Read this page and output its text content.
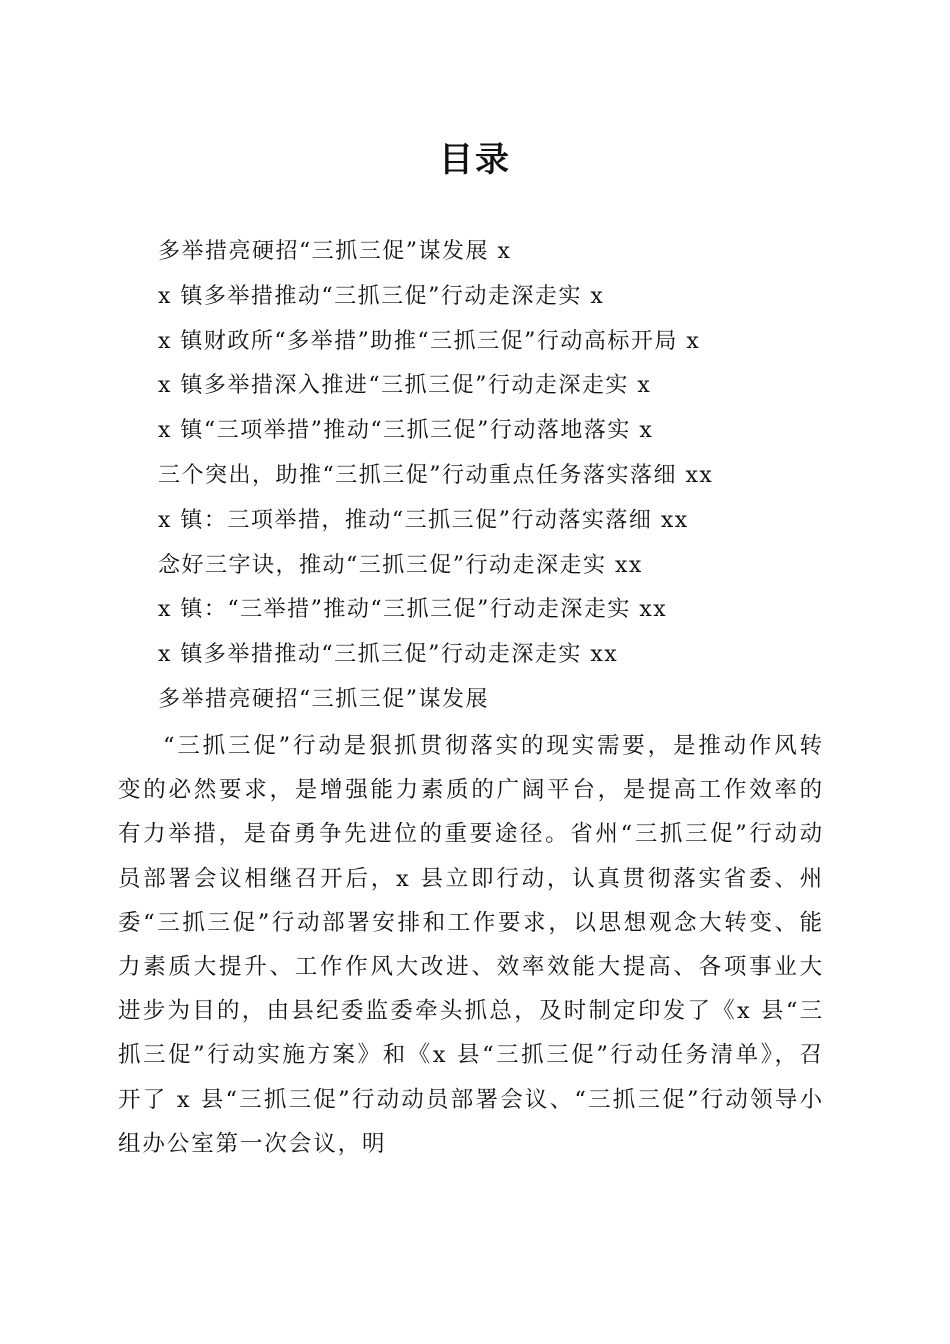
目录
多举措亮硬招“三抓三促”谋发展 x
x 镇多举措推动“三抓三促”行动走深走实 x
x 镇财政所“多举措”助推“三抓三促”行动高标开局 x
x 镇多举措深入推进“三抓三促”行动走深走实 x
x 镇“三项举措”推动“三抓三促”行动落地落实 x
三个突出，助推“三抓三促”行动重点任务落实落细 xx
x 镇：三项举措，推动“三抓三促”行动落实落细 xx
念好三字诀，推动“三抓三促”行动走深走实 xx
x 镇：“三举措”推动“三抓三促”行动走深走实 xx
x 镇多举措推动“三抓三促”行动走深走实 xx
多举措亮硬招“三抓三促”谋发展

“三抓三促”行动是狠抓贯彻落实的现实需要，是推动作风转变的必然要求，是增强能力素质的广阔平台，是提高工作效率的有力举措，是奋勇争先进位的重要途径。省州“三抓三促”行动动员部署会议相继召开后，x 县立即行动，认真贯彻落实省委、州委“三抓三促”行动部署安排和工作要求，以思想观念大转变、能力素质大提升、工作作风大改进、效率效能大提高、各项事业大进步为目的，由县纪委监委牵头抓总，及时制定印发了《x 县“三抓三促”行动实施方案》和《x 县“三抓三促”行动任务清单》，召开了 x 县“三抓三促”行动动员部署会议、“三抓三促”行动领导小组办公室第一次会议，明
